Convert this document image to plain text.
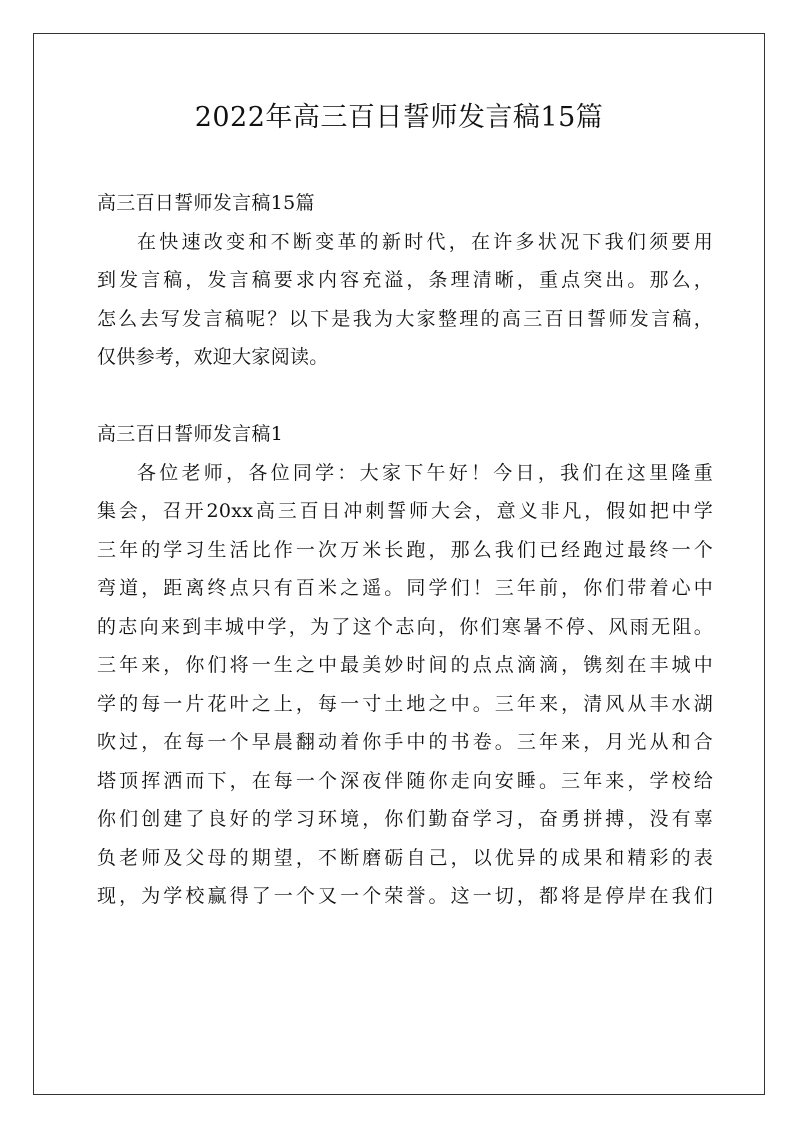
2022年高三百日誓师发言稿15篇
高三百日誓师发言稿15篇
在快速改变和不断变革的新时代，在许多状况下我们须要用
到发言稿，发言稿要求内容充溢，条理清晰，重点突出。那么，
怎么去写发言稿呢？以下是我为大家整理的高三百日誓师发言稿，
仅供参考，欢迎大家阅读。
高三百日誓师发言稿1
各位老师，各位同学：大家下午好！今日，我们在这里隆重
集会，召开20xx高三百日冲刺誓师大会，意义非凡，假如把中学
三年的学习生活比作一次万米长跑，那么我们已经跑过最终一个
弯道，距离终点只有百米之遥。同学们！三年前，你们带着心中
的志向来到丰城中学，为了这个志向，你们寒暑不停、风雨无阻。
三年来，你们将一生之中最美妙时间的点点滴滴，镌刻在丰城中
学的每一片花叶之上，每一寸土地之中。三年来，清风从丰水湖
吹过，在每一个早晨翻动着你手中的书卷。三年来，月光从和合
塔顶挥洒而下，在每一个深夜伴随你走向安睡。三年来，学校给
你们创建了良好的学习环境，你们勤奋学习，奋勇拼搏，没有辜
负老师及父母的期望，不断磨砺自己，以优异的成果和精彩的表
现，为学校赢得了一个又一个荣誉。这一切，都将是停岸在我们
